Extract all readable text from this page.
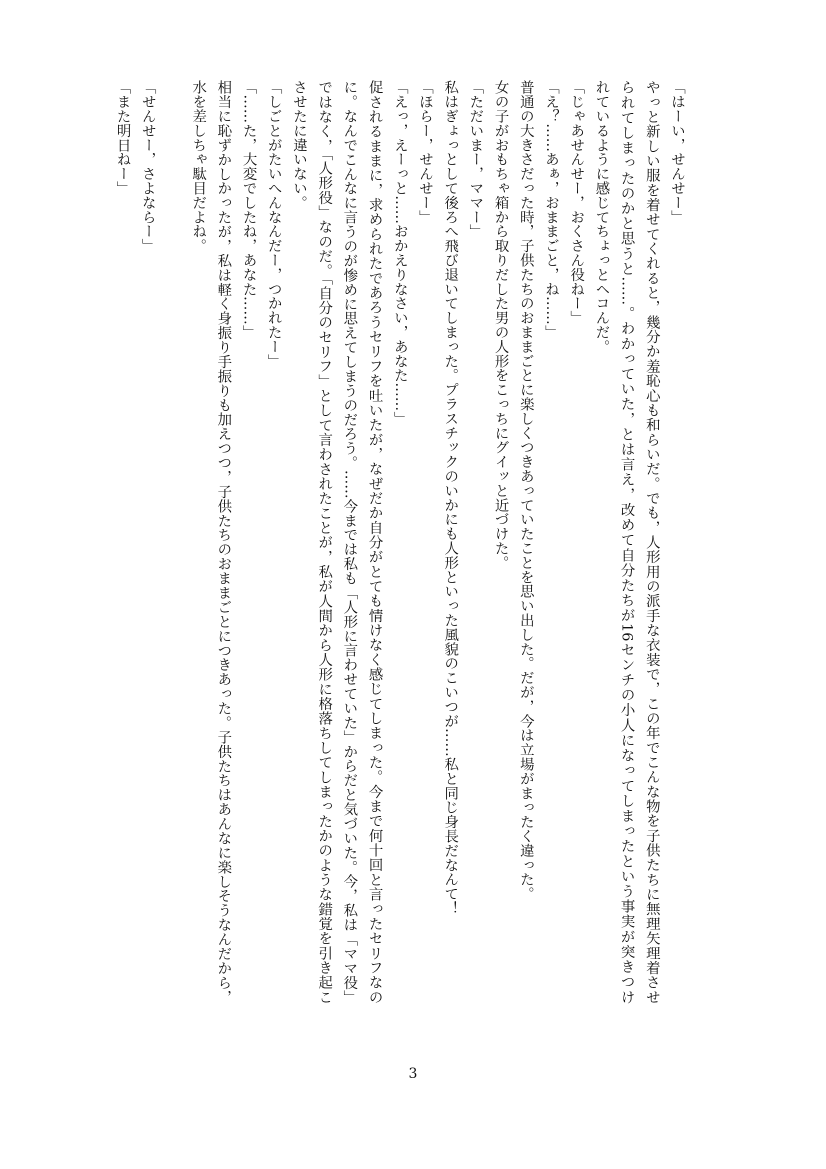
「はーい，せんせー」
やっと新しい服を着せてくれると，幾分か羞恥心も和らいだ。でも，人形用の派手な衣装で，この年でこんな物を子供たちに無理矢理着させ
られてしまったのかと思うと……。わかっていた，とは言え，改めて自分たちが16センチの小人になってしまったという事実が突きつけ
れているように感じてちょっとヘコんだ。
「じゃあせんせー，おくさん役ねー」
「え？……あぁ，おままごと，ね……」
普通の大きさだった時，子供たちのおままごとに楽しくつきあっていたことを思い出した。だが，今は立場がまったく違った。
女の子がおもちゃ箱から取りだした男の人形をこっちにグイッと近づけた。
「ただいまー，ママー」
私はぎょっとして後ろへ飛び退いてしまった。プラスチックのいかにも人形といった風貌のこいつが……私と同じ身長だなんて！
「ほらー，せんせー」
「えっ，えーっと……おかえりなさい，あなた……」
促されるままに，求められたであろうセリフを吐いたが，なぜだか自分がとても情けなく感じてしまった。今まで何十回と言ったセリフなの
に。なんでこんなに言うのが惨めに思えてしまうのだろう。……今までは私も「人形に言わせていた」からだと気づいた。今，私は「ママ役」
ではなく，「人形役」なのだ。「自分のセリフ」として言わされたことが，私が人間から人形に格落ちしてしまったかのような錯覚を引き起こ
させたに違いない。
「しごとがたいへんなんだー，つかれたー」
「……た，大変でしたね，あなた……」
相当に恥ずかしかったが，私は軽く身振り手振りも加えつつ，子供たちのおままごとにつきあった。子供たちはあんなに楽しそうなんだから，
水を差しちゃ駄目だよね。
「せんせー，さよならー」
「また明日ねー」
3
